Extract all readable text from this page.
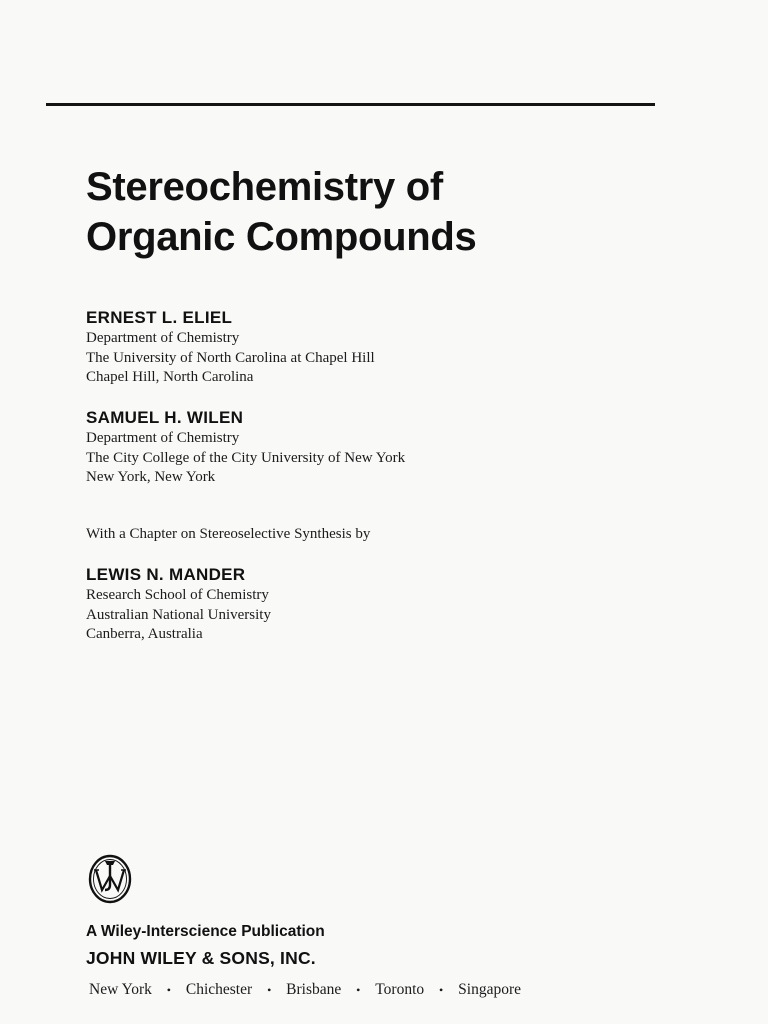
Stereochemistry of
Organic Compounds

ERNEST L. ELIEL

Department of Chemistry
The University of North Carolina at Chapel Hill
Chapel Hill, North Carolina

SAMUEL H. WILEN

Department of Chemistry
The City College of the City University of New York
New York, New York

With a Chapter on Stereoselective Synthesis by

LEWIS N. MANDER

Research School of Chemistry
Australian National University
Canberra, Australia

A Wiley-Interscience Publication

JOHN WILEY & SONS, INC.

New York	• Chichester	• Brisbane	• Toronto	• Singapore
